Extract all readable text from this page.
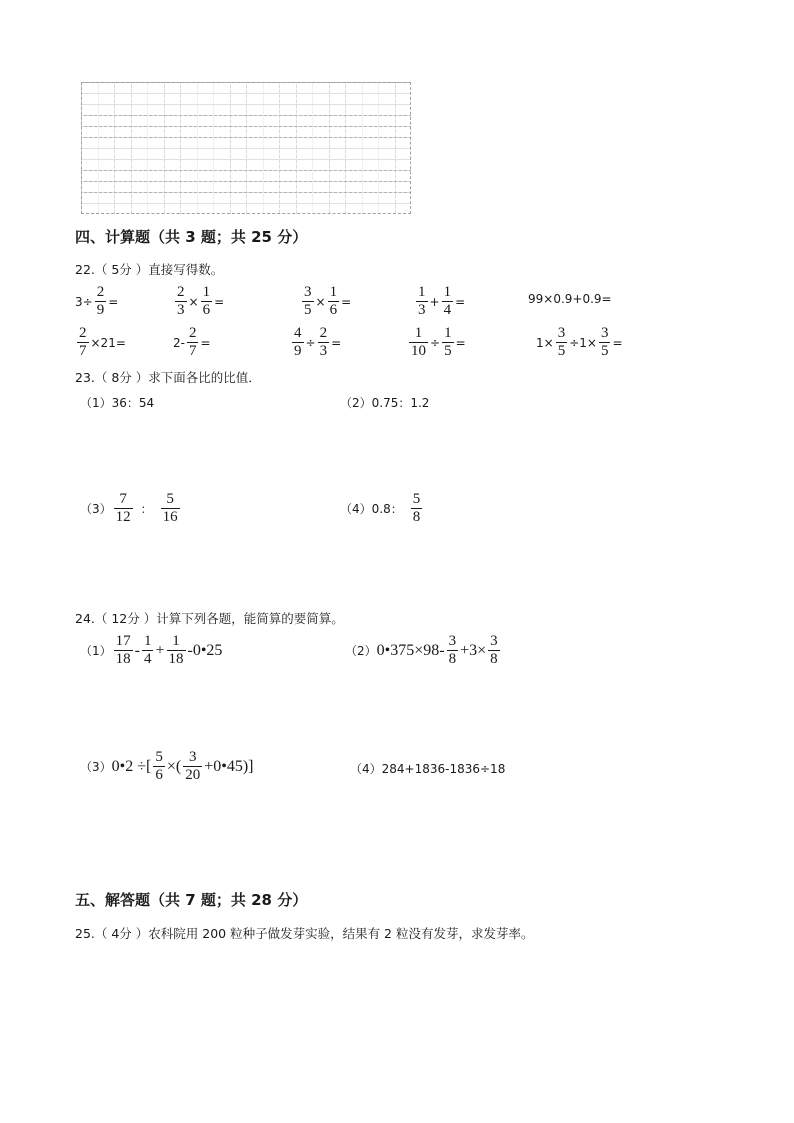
四、计算题（共 3 题；共 25 分）
22.（ 5分 ）直接写得数。
$3\div \frac{2}{9}$ =	$\frac{2}{3} \times \frac{1}{6}$ =	$\frac{3}{5} \times \frac{1}{6}$ =	$\frac{1}{3} + \frac{1}{4}$ =	99×0.9+0.9=
$\frac{2}{7} \times 21=$	$2- \frac{2}{7}$ =	$\frac{4}{9} \div \frac{2}{3}$ =	$\frac{1}{10} \div \frac{1}{5}$ =	$1\times \frac{3}{5} \div 1\times \frac{3}{5}$ =
23.（ 8分 ）求下面各比的比值．
（1）36：54	（2）0.75：1.2
$(3) \frac{7}{12}$ ： $\frac{5}{16}$	（4）0.8： $\frac{5}{8}$
24.（ 12分 ）计算下列各题，能简算的要简算。
$(1) \frac{17}{18} - \frac{1}{4} + \frac{1}{18}$ -0•25	（2） 0•375×98- $\frac{3}{8} +3\times \frac{3}{8}$
（3） 0•2 ÷[ $\frac{5}{6}$ ×( $\frac{3}{20}$ +0•45)]	（4）284+1836-1836÷18
五、解答题（共 7 题；共 28 分）
25.（ 4分 ）农科院用 200 粒种子做发芽实验，结果有 2 粒没有发芽，求发芽率。
